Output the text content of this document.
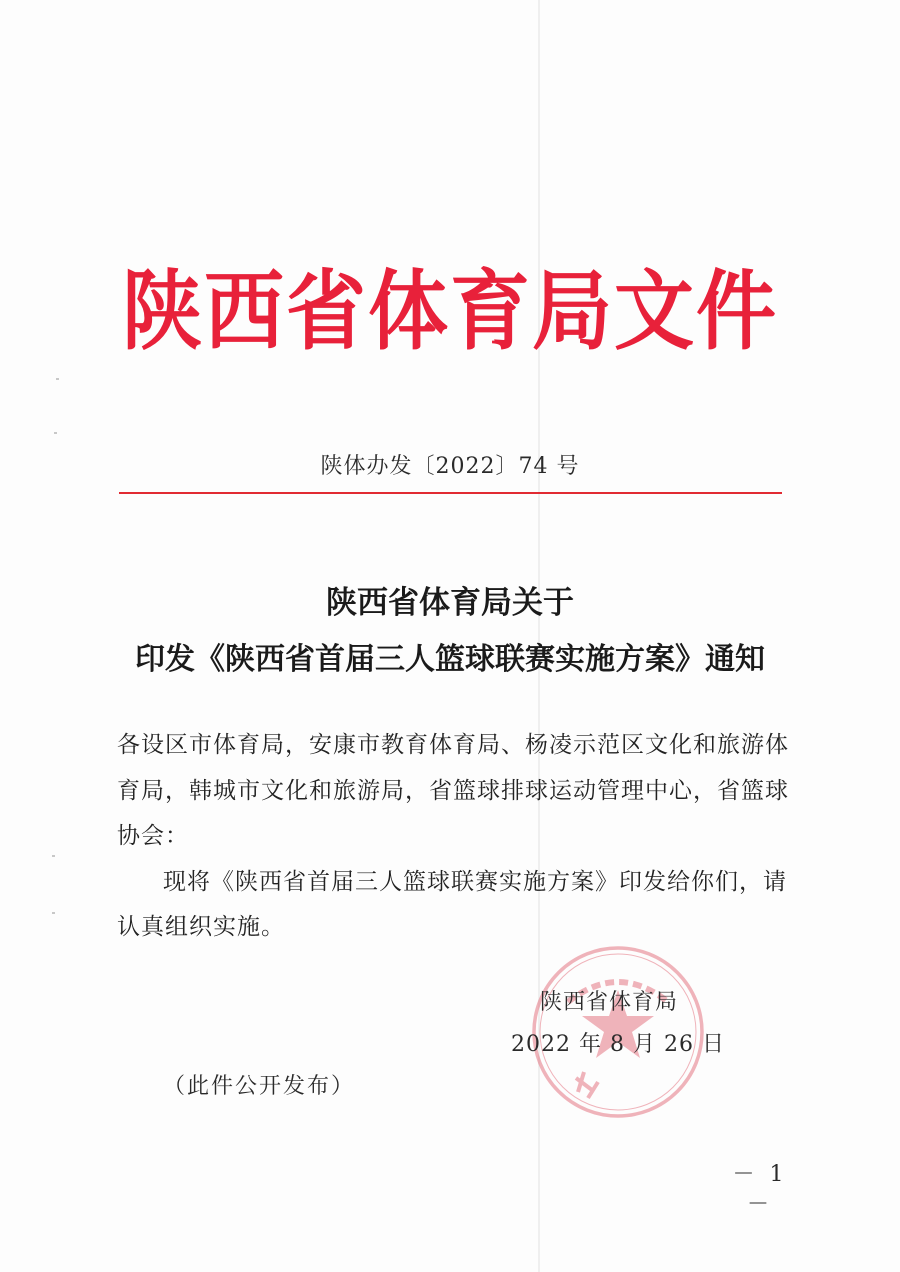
陕西省体育局文件
陕体办发〔2022〕74 号
陕西省体育局关于
印发《陕西省首届三人篮球联赛实施方案》通知

各设区市体育局，安康市教育体育局、杨凌示范区文化和旅游体

育局，韩城市文化和旅游局，省篮球排球运动管理中心，省篮球

协会：

现将《陕西省首届三人篮球联赛实施方案》印发给你们，请

认真组织实施。

陕西省体育局
2022 年 8 月 26 日
（此件公开发布）
－ 1 －
